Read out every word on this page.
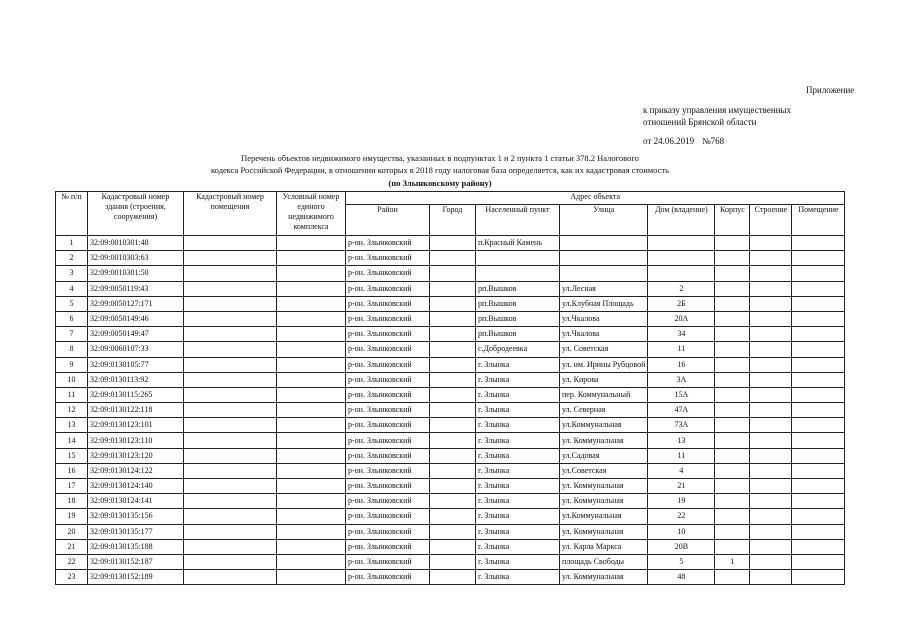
Приложение
к приказу управления имущественных
отношений Брянской области
от 24.06.2019 №768
Перечень объектов недвижимого имущества, указанных в подпунктах 1 и 2 пункта 1 статьи 378.2 Налогового
кодекса Российской Федерации, в отношении которых в 2018 году налоговая база определяется, как их кадастровая стоимость
(по Злынковскому району)
№ п/п	Кадастровый номер здания (строения, сооружения)	Кадастровый номер помещения	Условный номер единого недвижимого комплекса	Адрес объекта							
				Район	Город	Населенный пункт	Улица	Дом (владение)	Корпус	Строение	Помещение

1	32:09:0010301:48			р-он. Злынковский		п.Красный Камень					
2	32:09:0010303:63			р-он. Злынковский							
3	32:09:0010301:50			р-он. Злынковский							
4	32:09:0050119:43			р-он. Злынковский		рп.Вышков	ул.Лесная	2			
5	32:09:0050127:171			р-он. Злынковский		рп.Вышков	ул.Клубная Площадь	2Б			
6	32:09:0050149:46			р-он. Злынковский		рп.Вышков	ул.Чкалова	20А			
7	32:09:0050149:47			р-он. Злынковский		рп.Вышков	ул.Чкалова	34			
8	32:09:0060107:33			р-он. Злынковский		с.Добродеевка	ул. Советская	11			
9	32:09:0130105:77			р-он. Злынковский		г. Злынка	ул. им. Ирины Рубцовой	16			
10	32:09:0130113:92			р-он. Злынковский		г. Злынка	ул. Кирова	3А			
11	32:09:0130115:265			р-он. Злынковский		г. Злынка	пер. Коммунальный	15А			
12	32:09:0130122:118			р-он. Злынковский		г. Злынка	ул. Северная	47А			
13	32:09:0130123:101			р-он. Злынковский		г. Злынка	ул.Коммунальная	73А			
14	32:09:0130123:110			р-он. Злынковский		г. Злынка	ул. Коммунальная	13			
15	32:09:0130123:120			р-он. Злынковский		г. Злынка	ул.Садовая	11			
16	32:09:0130124:122			р-он. Злынковский		г. Злынка	ул.Советская	4			
17	32:09:0130124:140			р-он. Злынковский		г. Злынка	ул. Коммунальная	21			
18	32:09:0130124:141			р-он. Злынковский		г. Злынка	ул. Коммунальная	19			
19	32:09:0130135:156			р-он. Злынковский		г. Злынка	ул.Коммунальная	22			
20	32:09:0130135:177			р-он. Злынковский		г. Злынка	ул. Коммунальная	10			
21	32:09:0130135:188			р-он. Злынковский		г. Злынка	ул. Карла Маркса	20В			
22	32:09:0130152:187			р-он. Злынковский		г. Злынка	площадь Свободы	5	1		
23	32:09:0130152:189			р-он. Злынковский		г. Злынка	ул. Коммунальная	48			
